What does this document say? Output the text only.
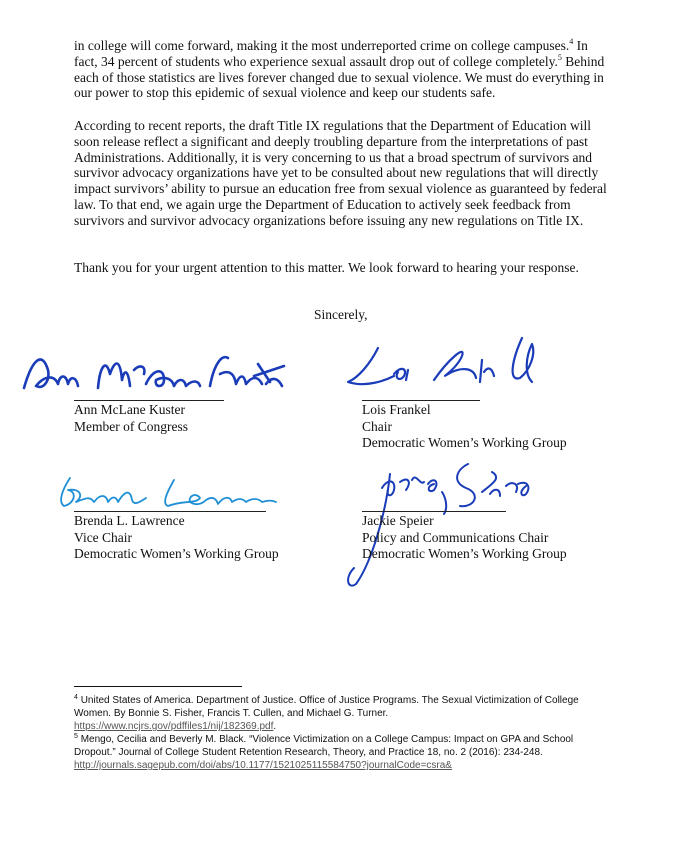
in college will come forward, making it the most underreported crime on college campuses.$^4$ In fact, 34 percent of students who experience sexual assault drop out of college completely.$^5$ Behind each of those statistics are lives forever changed due to sexual violence. We must do everything in our power to stop this epidemic of sexual violence and keep our students safe.

According to recent reports, the draft Title IX regulations that the Department of Education will soon release reflect a significant and deeply troubling departure from the interpretations of past Administrations. Additionally, it is very concerning to us that a broad spectrum of survivors and survivor advocacy organizations have yet to be consulted about new regulations that will directly impact survivors’ ability to pursue an education free from sexual violence as guaranteed by federal law. To that end, we again urge the Department of Education to actively seek feedback from survivors and survivor advocacy organizations before issuing any new regulations on Title IX.

Thank you for your urgent attention to this matter. We look forward to hearing your response.

Sincerely,
Ann McLane Kuster
Member of Congress
Lois Frankel
Chair
Democratic Women’s Working Group
Brenda L. Lawrence
Vice Chair
Democratic Women’s Working Group
Jackie Speier
Policy and Communications Chair
Democratic Women’s Working Group

$^4$ United States of America. Department of Justice. Office of Justice Programs. The Sexual Victimization of College Women. By Bonnie S. Fisher, Francis T. Cullen, and Michael G. Turner.
https://www.ncjrs.gov/pdffiles1/nij/182369.pdf.

$^5$ Mengo, Cecilia and Beverly M. Black. “Violence Victimization on a College Campus: Impact on GPA and School Dropout.” Journal of College Student Retention Research, Theory, and Practice 18, no. 2 (2016): 234-248.
http://journals.sagepub.com/doi/abs/10.1177/1521025115584750?journalCode=csra&
